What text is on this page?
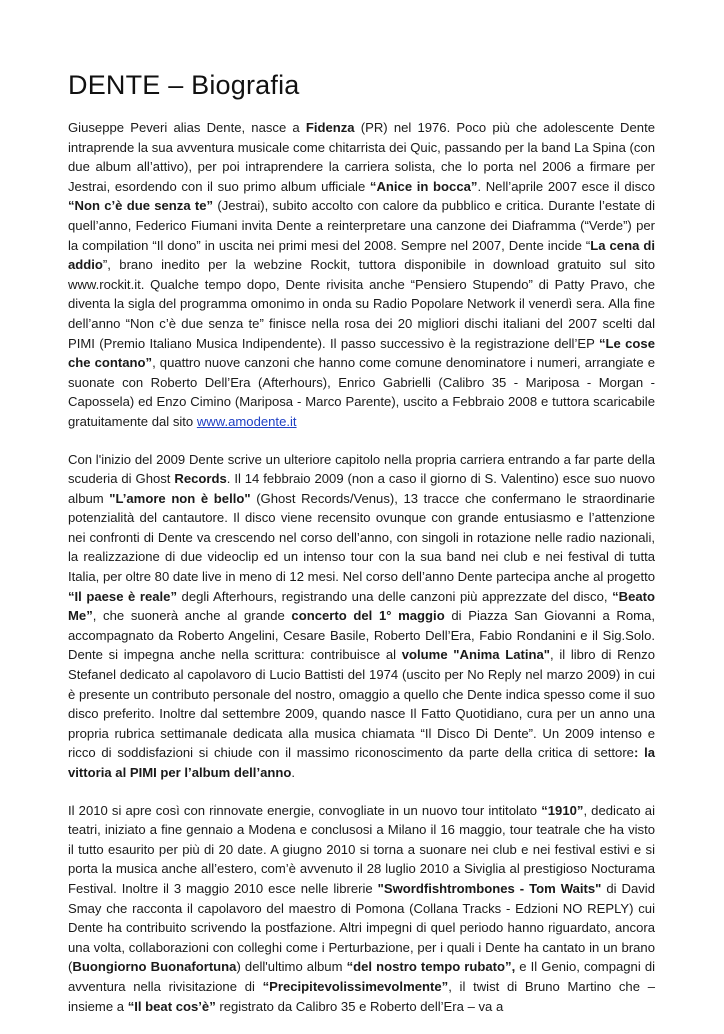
DENTE – Biografia

Giuseppe Peveri alias Dente, nasce a Fidenza (PR) nel 1976. Poco più che adolescente Dente intraprende la sua avventura musicale come chitarrista dei Quic, passando per la band La Spina (con due album all’attivo), per poi intraprendere la carriera solista, che lo porta nel 2006 a firmare per Jestrai, esordendo con il suo primo album ufficiale “Anice in bocca”. Nell’aprile 2007 esce il disco “Non c’è due senza te” (Jestrai), subito accolto con calore da pubblico e critica. Durante l’estate di quell’anno, Federico Fiumani invita Dente a reinterpretare una canzone dei Diaframma (“Verde”) per la compilation “Il dono” in uscita nei primi mesi del 2008. Sempre nel 2007, Dente incide “La cena di addio”, brano inedito per la webzine Rockit, tuttora disponibile in download gratuito sul sito www.rockit.it. Qualche tempo dopo, Dente rivisita anche “Pensiero Stupendo” di Patty Pravo, che diventa la sigla del programma omonimo in onda su Radio Popolare Network il venerdì sera. Alla fine dell’anno “Non c’è due senza te” finisce nella rosa dei 20 migliori dischi italiani del 2007 scelti dal PIMI (Premio Italiano Musica Indipendente). Il passo successivo è la registrazione dell’EP “Le cose che contano”, quattro nuove canzoni che hanno come comune denominatore i numeri, arrangiate e suonate con Roberto Dell’Era (Afterhours), Enrico Gabrielli (Calibro 35 - Mariposa - Morgan - Capossela) ed Enzo Cimino (Mariposa - Marco Parente), uscito a Febbraio 2008 e tuttora scaricabile gratuitamente dal sito www.amodente.it

Con l'inizio del 2009 Dente scrive un ulteriore capitolo nella propria carriera entrando a far parte della scuderia di Ghost Records. Il 14 febbraio 2009 (non a caso il giorno di S. Valentino) esce suo nuovo album "L’amore non è bello" (Ghost Records/Venus), 13 tracce che confermano le straordinarie potenzialità del cantautore. Il disco viene recensito ovunque con grande entusiasmo e l’attenzione nei confronti di Dente va crescendo nel corso dell’anno, con singoli in rotazione nelle radio nazionali, la realizzazione di due videoclip ed un intenso tour con la sua band nei club e nei festival di tutta Italia, per oltre 80 date live in meno di 12 mesi. Nel corso dell’anno Dente partecipa anche al progetto “Il paese è reale” degli Afterhours, registrando una delle canzoni più apprezzate del disco, “Beato Me”, che suonerà anche al grande concerto del 1° maggio di Piazza San Giovanni a Roma, accompagnato da Roberto Angelini, Cesare Basile, Roberto Dell’Era, Fabio Rondanini e il Sig.Solo. Dente si impegna anche nella scrittura: contribuisce al volume "Anima Latina", il libro di Renzo Stefanel dedicato al capolavoro di Lucio Battisti del 1974 (uscito per No Reply nel marzo 2009) in cui è presente un contributo personale del nostro, omaggio a quello che Dente indica spesso come il suo disco preferito. Inoltre dal settembre 2009, quando nasce Il Fatto Quotidiano, cura per un anno una propria rubrica settimanale dedicata alla musica chiamata “Il Disco Di Dente”. Un 2009 intenso e ricco di soddisfazioni si chiude con il massimo riconoscimento da parte della critica di settore: la vittoria al PIMI per l’album dell’anno.

Il 2010 si apre così con rinnovate energie, convogliate in un nuovo tour intitolato “1910”, dedicato ai teatri, iniziato a fine gennaio a Modena e conclusosi a Milano il 16 maggio, tour teatrale che ha visto il tutto esaurito per più di 20 date. A giugno 2010 si torna a suonare nei club e nei festival estivi e si porta la musica anche all’estero, com’è avvenuto il 28 luglio 2010 a Siviglia al prestigioso Nocturama Festival. Inoltre il 3 maggio 2010 esce nelle librerie "Swordfishtrombones - Tom Waits" di David Smay che racconta il capolavoro del maestro di Pomona (Collana Tracks - Edzioni NO REPLY) cui Dente ha contribuito scrivendo la postfazione. Altri impegni di quel periodo hanno riguardato, ancora una volta, collaborazioni con colleghi come i Perturbazione, per i quali i Dente ha cantato in un brano (Buongiorno Buonafortuna) dell'ultimo album “del nostro tempo rubato”, e Il Genio, compagni di avventura nella rivisitazione di “Precipitevolissimevolmente”, il twist di Bruno Martino che – insieme a “Il beat cos’è” registrato da Calibro 35 e Roberto dell’Era – va a
